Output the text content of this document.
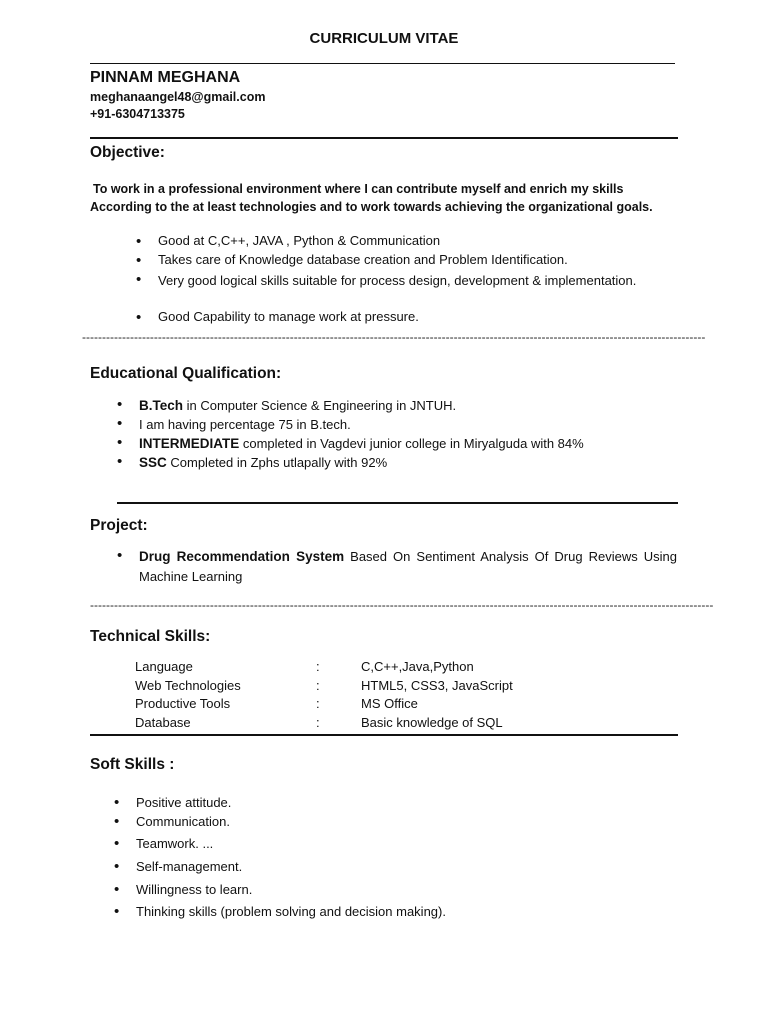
CURRICULUM VITAE
PINNAM MEGHANA
meghanaangel48@gmail.com
+91-6304713375
Objective:
To work in a professional environment where I can contribute myself and enrich my skills
According to the at least technologies and to work towards achieving the organizational goals.
• Good at C,C++, JAVA , Python & Communication
• Takes care of Knowledge database creation and Problem Identification.
• Very good logical skills suitable for process design, development & implementation.
• Good Capability to manage work at pressure.
------------------------------------------------------------------------------------------------------------------------------------------------------------
Educational Qualification:
• B.Tech in Computer Science & Engineering in JNTUH.
• I am having percentage 75 in B.tech.
• INTERMEDIATE completed in Vagdevi junior college in Miryalguda with 84%
• SSC Completed in Zphs utlapally with 92%
Project:
• Drug Recommendation System Based On Sentiment Analysis Of Drug Reviews Using Machine Learning
------------------------------------------------------------------------------------------------------------------------------------------------------------
Technical Skills:
Language	:	C,C++,Java,Python
Web Technologies	:	HTML5, CSS3, JavaScript
Productive Tools	:	MS Office
Database	:	Basic knowledge of SQL
Soft Skills :
• Positive attitude.
• Communication.
• Teamwork. ...
• Self-management.
• Willingness to learn.
• Thinking skills (problem solving and decision making).
